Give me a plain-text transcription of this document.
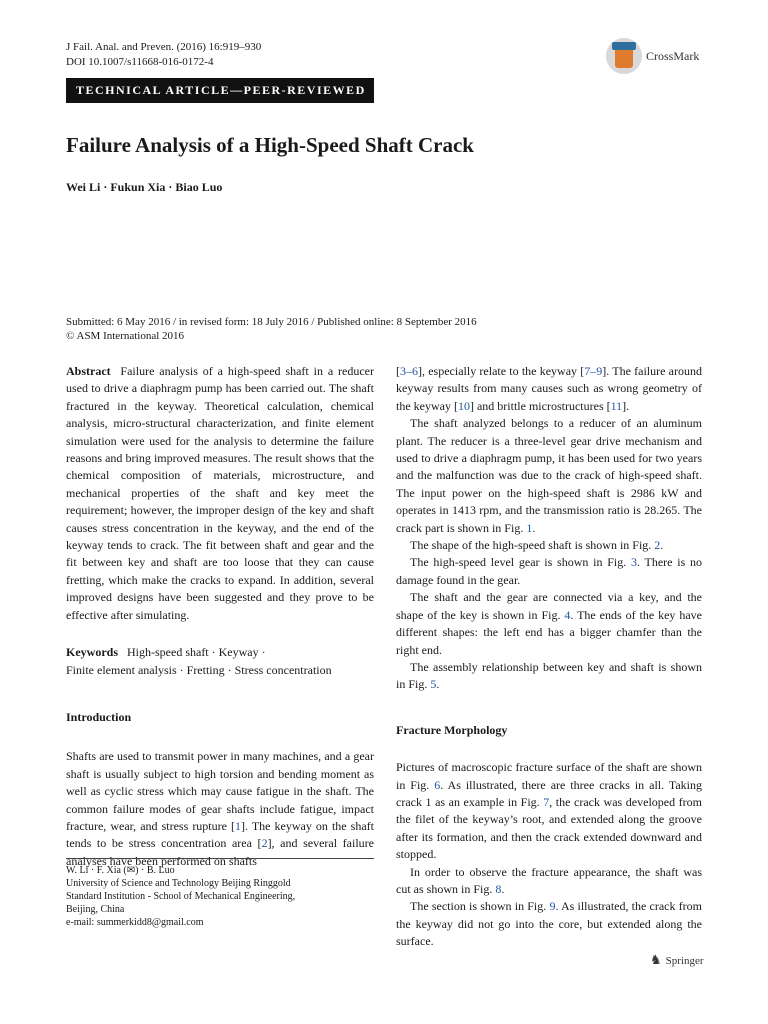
J Fail. Anal. and Preven. (2016) 16:919–930
DOI 10.1007/s11668-016-0172-4	CrossMark
TECHNICAL ARTICLE—PEER-REVIEWED
Failure Analysis of a High-Speed Shaft Crack
Wei Li · Fukun Xia · Biao Luo
Submitted: 6 May 2016 / in revised form: 18 July 2016 / Published online: 8 September 2016
© ASM International 2016

Abstract Failure analysis of a high-speed shaft in a reducer used to drive a diaphragm pump has been carried out. The shaft fractured in the keyway. Theoretical calculation, chemical analysis, micro-structural characterization, and finite element simulation were used for the analysis to determine the failure reasons and bring improved measures. The result shows that the chemical composition of materials, microstructure, and mechanical properties of the shaft and key meet the requirement; however, the improper design of the key and shaft causes stress concentration in the keyway, and the end of the keyway tends to crack. The fit between shaft and gear and the fit between key and shaft are too loose that they can cause fretting, which make the cracks to expand. In addition, several improved designs have been suggested and they prove to be effective after simulating.

Keywords High-speed shaft · Keyway ·
Finite element analysis · Fretting · Stress concentration
Introduction

Shafts are used to transmit power in many machines, and a gear shaft is usually subject to high torsion and bending moment as well as cyclic stress which may cause fatigue in the shaft. The common failure modes of gear shafts include fatigue, impact fracture, wear, and stress rupture [1]. The keyway on the shaft tends to be stress concentration area [2], and several failure analyses have been performed on shafts

[3–6], especially relate to the keyway [7–9]. The failure around keyway results from many causes such as wrong geometry of the keyway [10] and brittle microstructures [11].

The shaft analyzed belongs to a reducer of an aluminum plant. The reducer is a three-level gear drive mechanism and used to drive a diaphragm pump, it has been used for two years and the malfunction was due to the crack of high-speed shaft. The input power on the high-speed shaft is 2986 kW and operates in 1413 rpm, and the transmission ratio is 28.265. The crack part is shown in Fig. 1.

The shape of the high-speed shaft is shown in Fig. 2.

The high-speed level gear is shown in Fig. 3. There is no damage found in the gear.

The shaft and the gear are connected via a key, and the shape of the key is shown in Fig. 4. The ends of the key have different shapes: the left end has a bigger chamfer than the right end.

The assembly relationship between key and shaft is shown in Fig. 5.

Fracture Morphology

Pictures of macroscopic fracture surface of the shaft are shown in Fig. 6. As illustrated, there are three cracks in all. Taking crack 1 as an example in Fig. 7, the crack was developed from the filet of the keyway’s root, and extended along the groove after its formation, and then the crack extended downward and stopped.

In order to observe the fracture appearance, the shaft was cut as shown in Fig. 8.

The section is shown in Fig. 9. As illustrated, the crack from the keyway did not go into the core, but extended along the surface.

W. Li · F. Xia (✉) · B. Luo
University of Science and Technology Beijing Ringgold
Standard Institution - School of Mechanical Engineering,
Beijing, China
e-mail: summerkidd8@gmail.com
♞ Springer
